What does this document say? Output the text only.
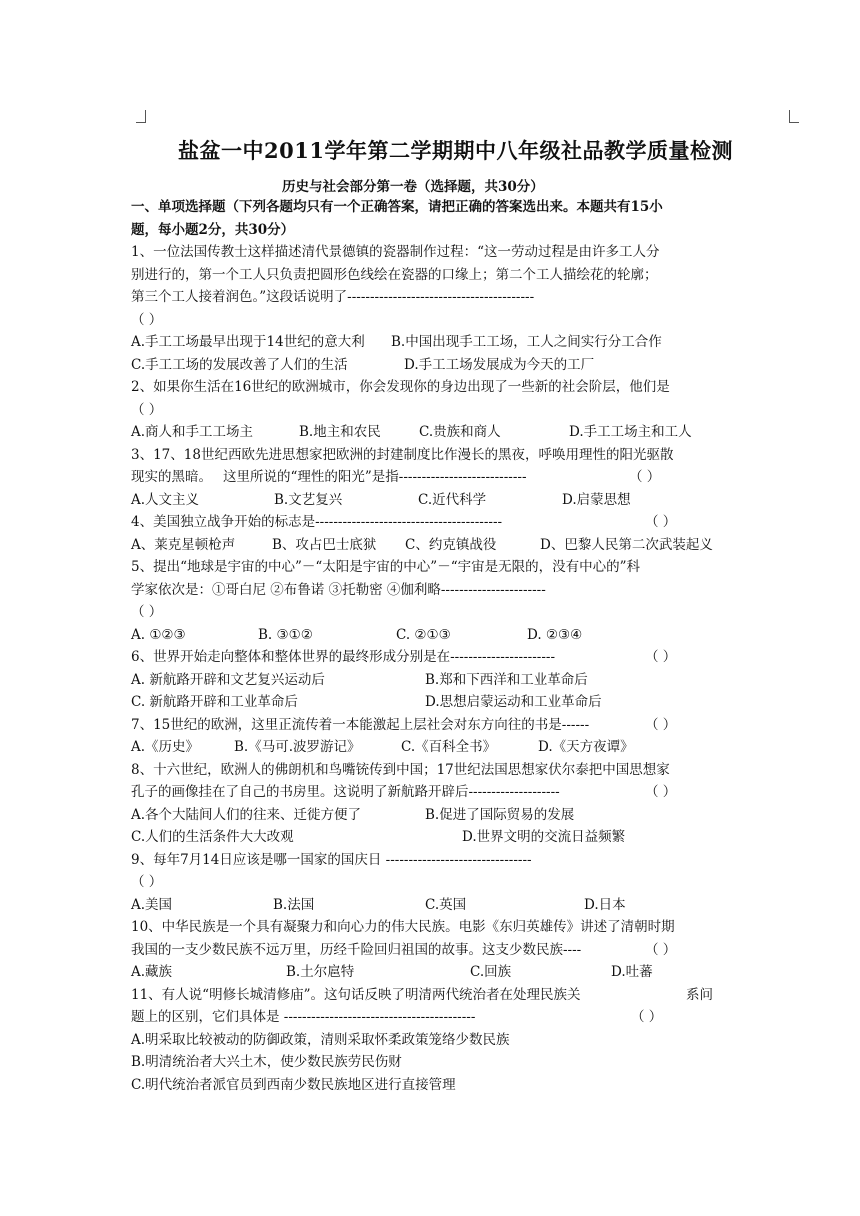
盐盆一中2011学年第二学期期中八年级社品教学质量检测
历史与社会部分第一卷（选择题，共30分）
一、单项选择题（下列各题均只有一个正确答案，请把正确的答案选出来。本题共有15小
题，每小题2分，共30分）
1、一位法国传教士这样描述清代景德镇的瓷器制作过程：“这一劳动过程是由许多工人分
别进行的，第一个工人只负责把圆形色线绘在瓷器的口缘上；第二个工人描绘花的轮廓；
第三个工人接着润色。”这段话说明了-----------------------------------------
（ ）
A.手工工场最早出现于14世纪的意大利 B.中国出现手工工场，工人之间实行分工合作
C.手工工场的发展改善了人们的生活	D.手工工场发展成为今天的工厂
2、如果你生活在16世纪的欧洲城市，你会发现你的身边出现了一些新的社会阶层，他们是
（ ）
A.商人和手工工场主	B.地主和农民	C.贵族和商人	D.手工工场主和工人
3、17、18世纪西欧先进思想家把欧洲的封建制度比作漫长的黑夜，呼唤用理性的阳光驱散
现实的黑暗。 这里所说的“理性的阳光”是指----------------------------	（ ）
A.人文主义	B.文艺复兴	C.近代科学	D.启蒙思想
4、美国独立战争开始的标志是-----------------------------------------	（ ）
A、莱克星顿枪声	B、攻占巴士底狱 C、约克镇战役	D、巴黎人民第二次武装起义
5、提出“地球是宇宙的中心”－“太阳是宇宙的中心”－“宇宙是无限的，没有中心的”科
学家依次是：①哥白尼 ②布鲁诺 ③托勒密 ④伽利略-----------------------
（ ）
A. ①②③	B. ③①②	C. ②①③	D. ②③④
6、世界开始走向整体和整体世界的最终形成分别是在-----------------------	（ ）
A. 新航路开辟和文艺复兴运动后	B.郑和下西洋和工业革命后
C. 新航路开辟和工业革命后	D.思想启蒙运动和工业革命后
7、15世纪的欧洲，这里正流传着一本能激起上层社会对东方向往的书是------	（ ）
A.《历史》	B.《马可.波罗游记》	C.《百科全书》	D.《天方夜谭》
8、十六世纪，欧洲人的佛朗机和鸟嘴铳传到中国；17世纪法国思想家伏尔泰把中国思想家
孔子的画像挂在了自己的书房里。这说明了新航路开辟后--------------------	（ ）
A.各个大陆间人们的往来、迁徙方便了	B.促进了国际贸易的发展
C.人们的生活条件大大改观	D.世界文明的交流日益频繁
9、每年7月14日应该是哪一国家的国庆日 --------------------------------
（ ）
A.美国	B.法国	C.英国	D.日本
10、中华民族是一个具有凝聚力和向心力的伟大民族。电影《东归英雄传》讲述了清朝时期
我国的一支少数民族不远万里，历经千险回归祖国的故事。这支少数民族----	（ ）
A.藏族	B.土尔扈特	C.回族	D.吐蕃
11、有人说“明修长城清修庙”。这句话反映了明清两代统治者在处理民族关	系问
题上的区别，它们具体是 ------------------------------------------	（ ）
A.明采取比较被动的防御政策，清则采取怀柔政策笼络少数民族
B.明清统治者大兴土木，使少数民族劳民伤财
C.明代统治者派官员到西南少数民族地区进行直接管理
